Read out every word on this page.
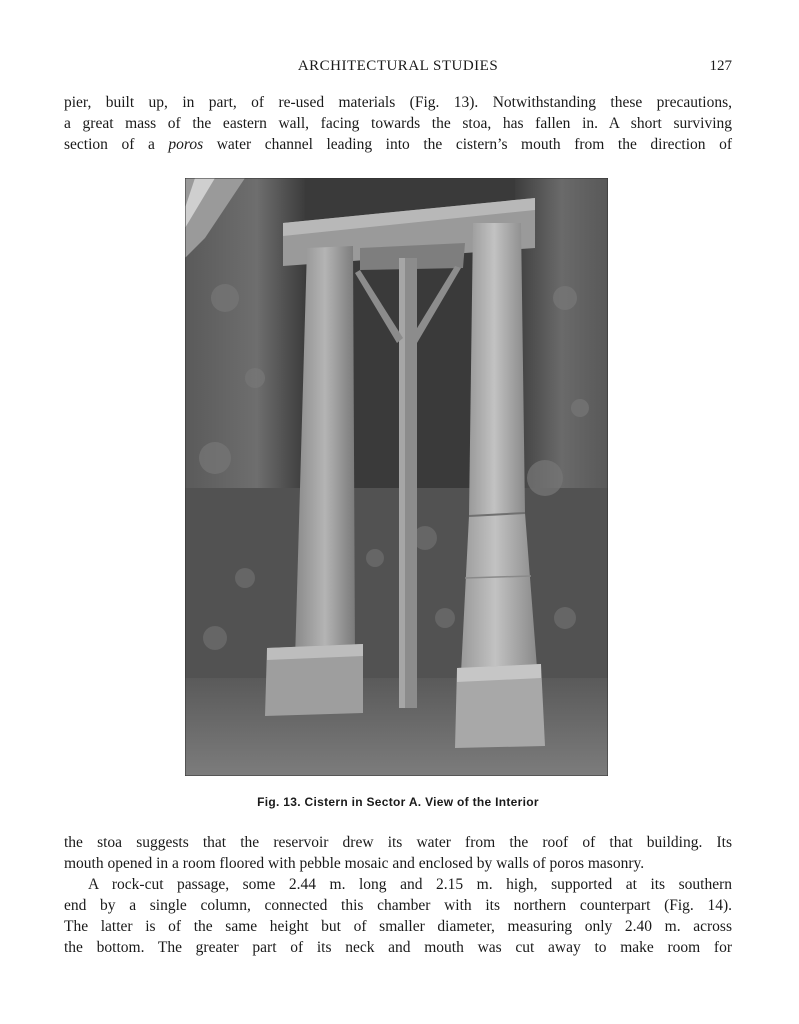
ARCHITECTURAL STUDIES	127

pier, built up, in part, of re-used materials (Fig. 13). Notwithstanding these precautions,
a great mass of the eastern wall, facing towards the stoa, has fallen in. A short surviving
section of a poros water channel leading into the cistern’s mouth from the direction of

Fig. 13. Cistern in Sector A. View of the Interior

the stoa suggests that the reservoir drew its water from the roof of that building. Its
mouth opened in a room floored with pebble mosaic and enclosed by walls of poros masonry.

A rock-cut passage, some 2.44 m. long and 2.15 m. high, supported at its southern
end by a single column, connected this chamber with its northern counterpart (Fig. 14).
The latter is of the same height but of smaller diameter, measuring only 2.40 m. across
the bottom. The greater part of its neck and mouth was cut away to make room for
